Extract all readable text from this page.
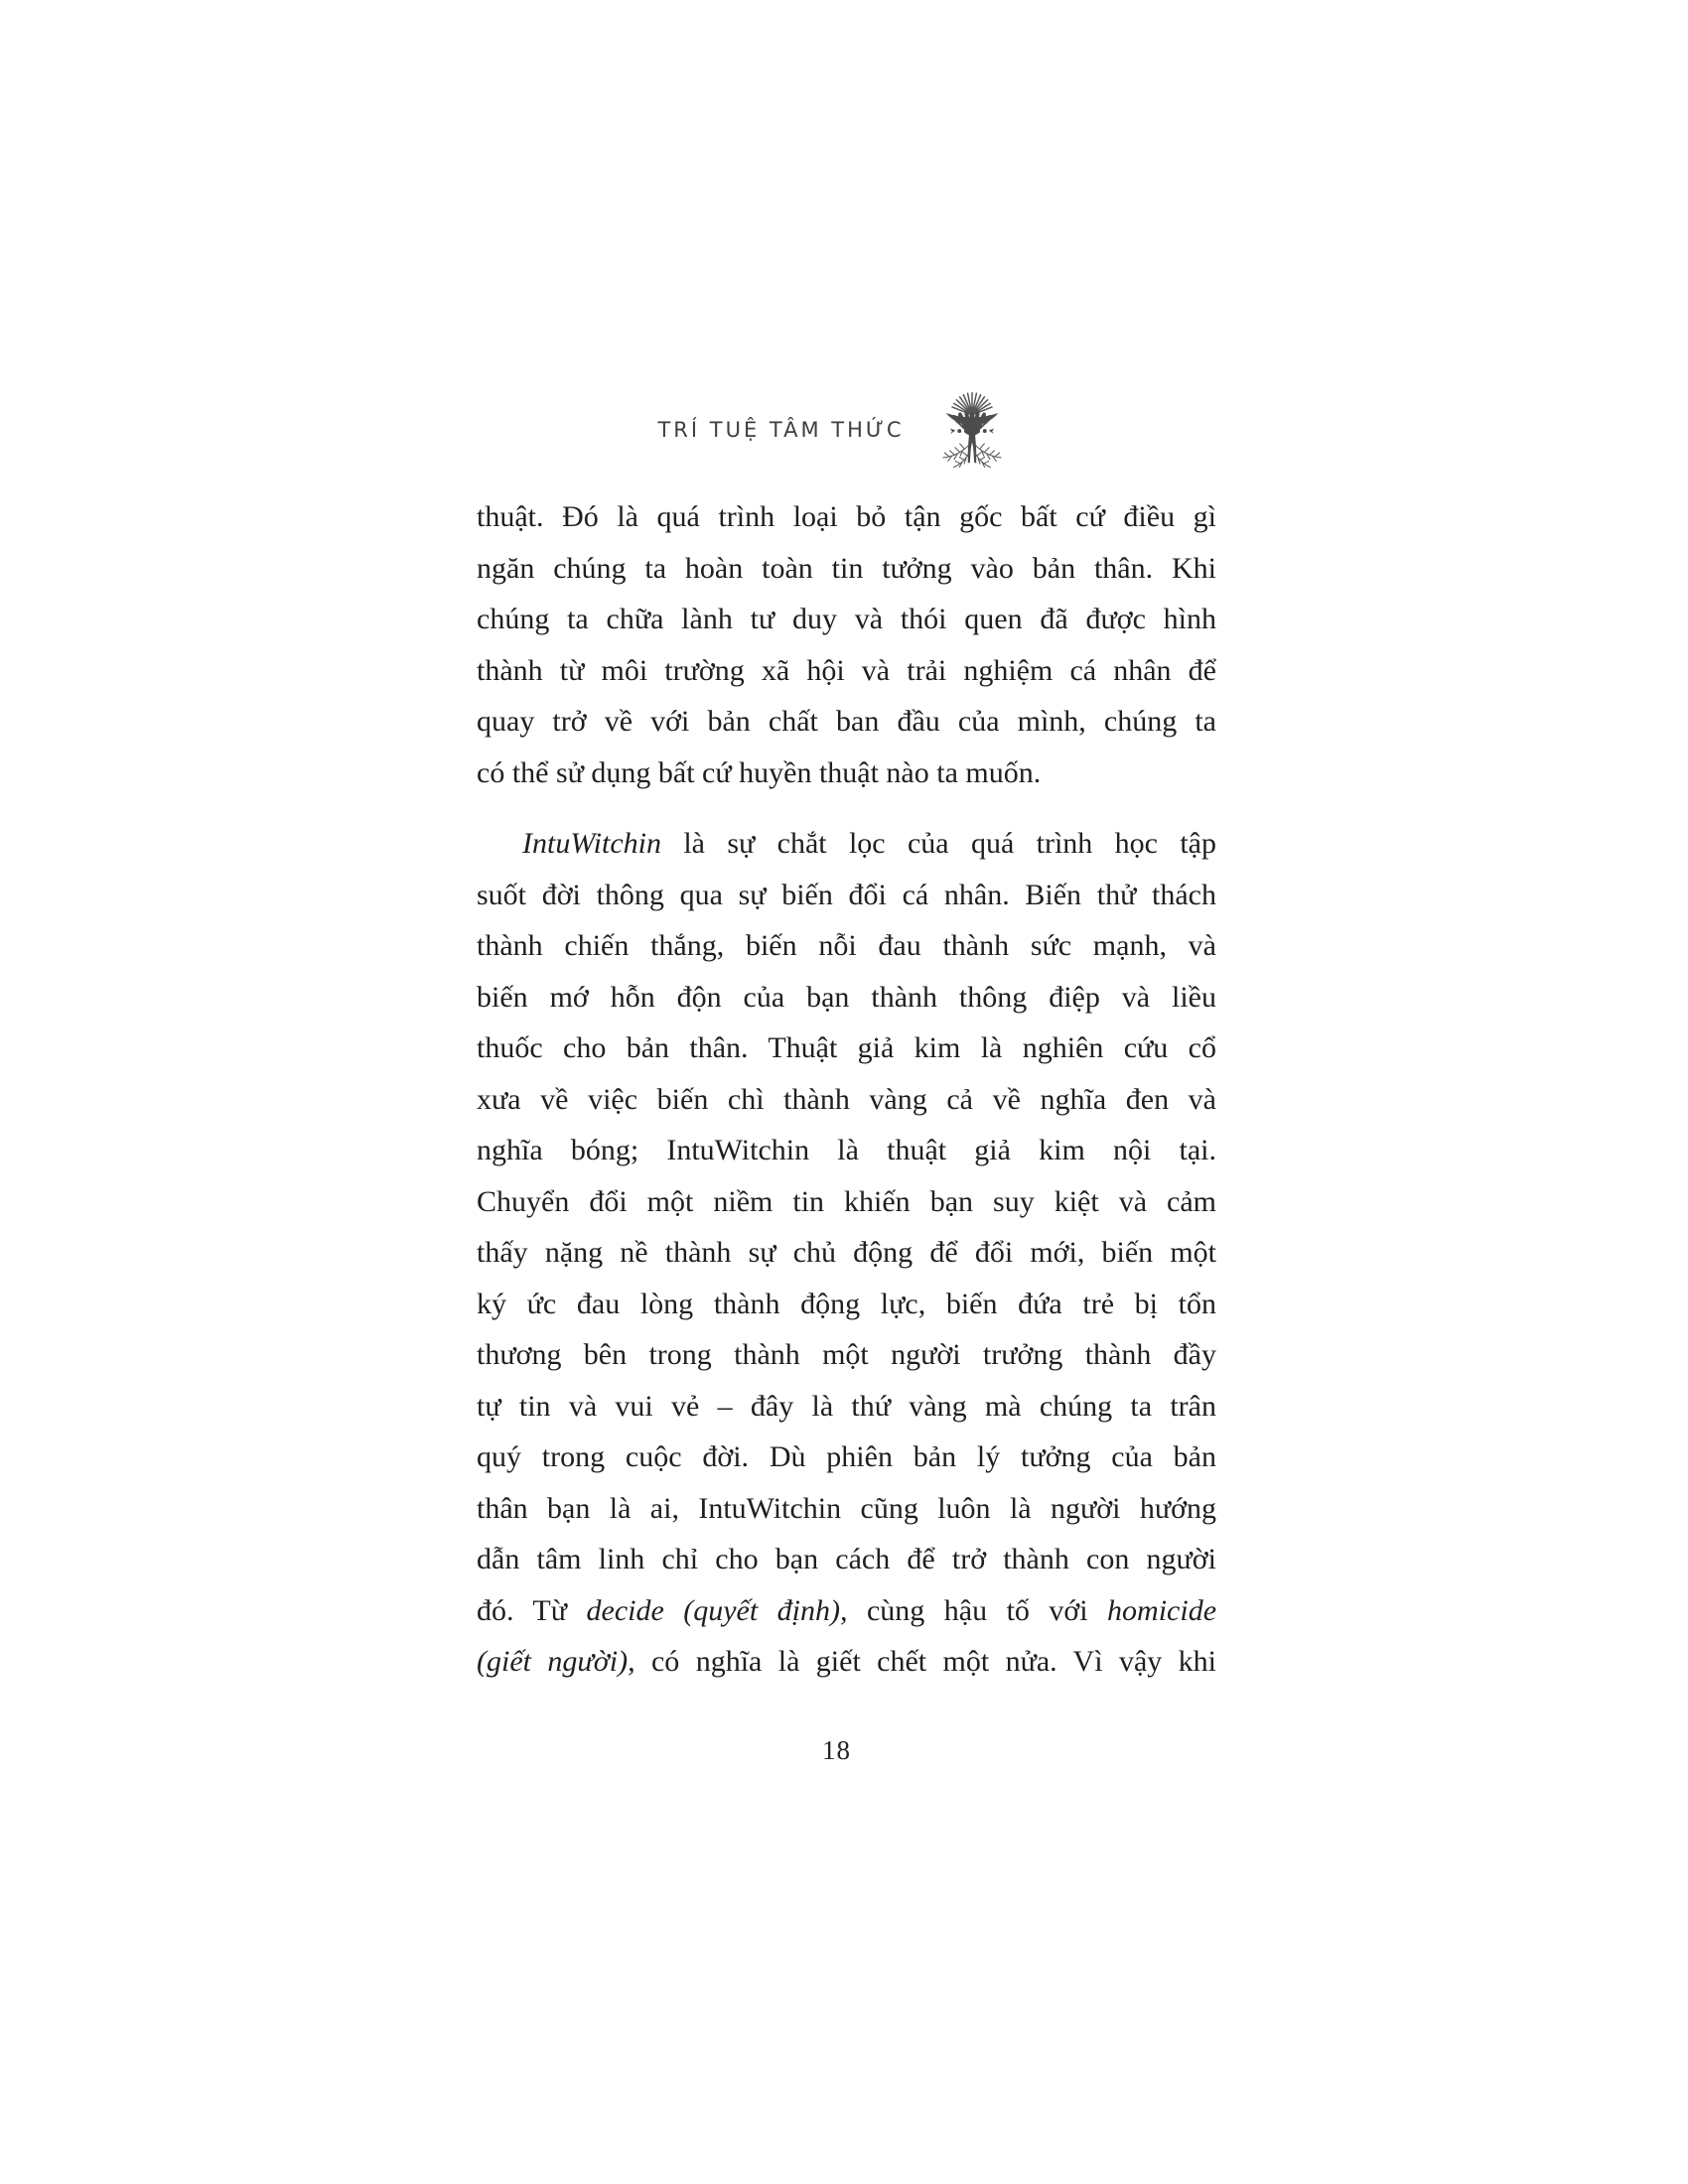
TRÍ TUỆ TÂM THỨC
thuật. Đó là quá trình loại bỏ tận gốc bất cứ điều gì
ngăn chúng ta hoàn toàn tin tưởng vào bản thân. Khi
chúng ta chữa lành tư duy và thói quen đã được hình
thành từ môi trường xã hội và trải nghiệm cá nhân để
quay trở về với bản chất ban đầu của mình, chúng ta
có thể sử dụng bất cứ huyền thuật nào ta muốn.
IntuWitchin là sự chắt lọc của quá trình học tập
suốt đời thông qua sự biến đổi cá nhân. Biến thử thách
thành chiến thắng, biến nỗi đau thành sức mạnh, và
biến mớ hỗn độn của bạn thành thông điệp và liều
thuốc cho bản thân. Thuật giả kim là nghiên cứu cổ
xưa về việc biến chì thành vàng cả về nghĩa đen và
nghĩa bóng; IntuWitchin là thuật giả kim nội tại.
Chuyển đổi một niềm tin khiến bạn suy kiệt và cảm
thấy nặng nề thành sự chủ động để đổi mới, biến một
ký ức đau lòng thành động lực, biến đứa trẻ bị tổn
thương bên trong thành một người trưởng thành đầy
tự tin và vui vẻ – đây là thứ vàng mà chúng ta trân
quý trong cuộc đời. Dù phiên bản lý tưởng của bản
thân bạn là ai, IntuWitchin cũng luôn là người hướng
dẫn tâm linh chỉ cho bạn cách để trở thành con người
đó. Từ decide (quyết định), cùng hậu tố với homicide
(giết người), có nghĩa là giết chết một nửa. Vì vậy khi
18
